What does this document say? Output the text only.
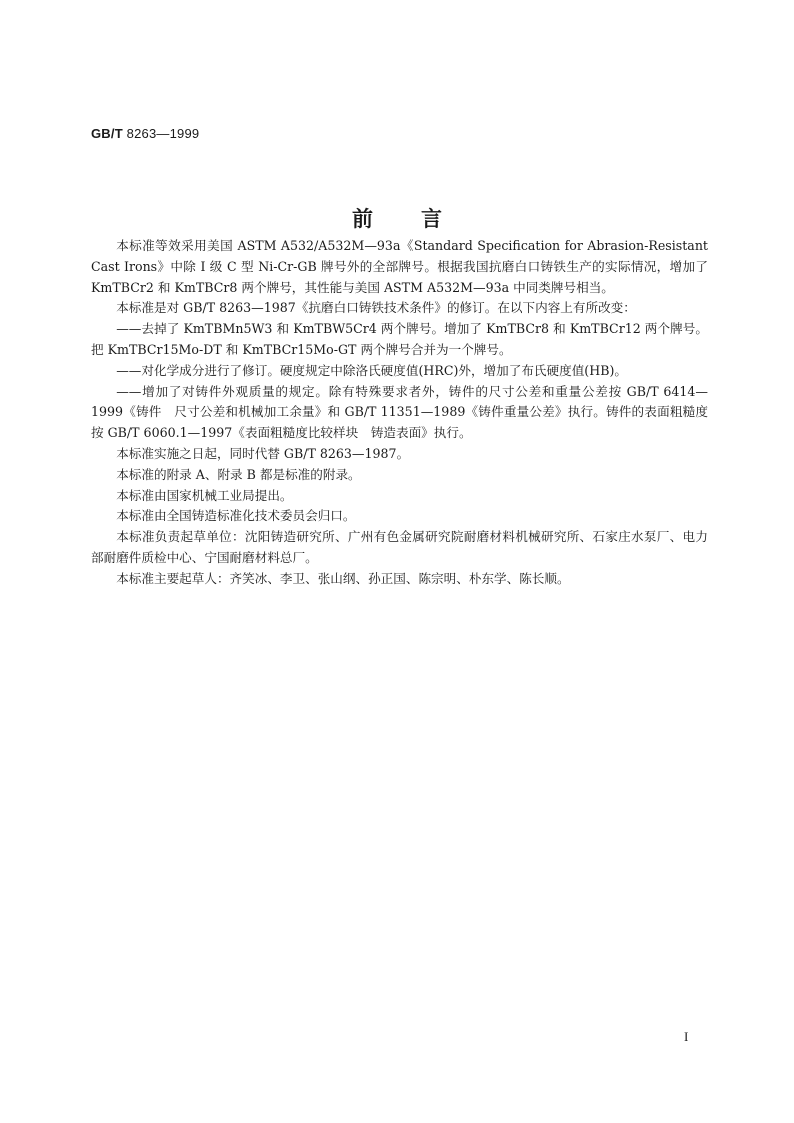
GB/T 8263—1999
前言

本标准等效采用美国 ASTM A532/A532M—93a《Standard Specification for Abrasion-Resistant Cast Irons》中除 I 级 C 型 Ni-Cr-GB 牌号外的全部牌号。根据我国抗磨白口铸铁生产的实际情况，增加了 KmTBCr2 和 KmTBCr8 两个牌号，其性能与美国 ASTM A532M—93a 中同类牌号相当。

本标准是对 GB/T 8263—1987《抗磨白口铸铁技术条件》的修订。在以下内容上有所改变：

——去掉了 KmTBMn5W3 和 KmTBW5Cr4 两个牌号。增加了 KmTBCr8 和 KmTBCr12 两个牌号。把 KmTBCr15Mo-DT 和 KmTBCr15Mo-GT 两个牌号合并为一个牌号。

——对化学成分进行了修订。硬度规定中除洛氏硬度值(HRC)外，增加了布氏硬度值(HB)。

——增加了对铸件外观质量的规定。除有特殊要求者外，铸件的尺寸公差和重量公差按 GB/T 6414—1999《铸件　尺寸公差和机械加工余量》和 GB/T 11351—1989《铸件重量公差》执行。铸件的表面粗糙度按 GB/T 6060.1—1997《表面粗糙度比较样块　铸造表面》执行。

本标准实施之日起，同时代替 GB/T 8263—1987。

本标准的附录 A、附录 B 都是标准的附录。

本标准由国家机械工业局提出。

本标准由全国铸造标准化技术委员会归口。

本标准负责起草单位：沈阳铸造研究所、广州有色金属研究院耐磨材料机械研究所、石家庄水泵厂、电力部耐磨件质检中心、宁国耐磨材料总厂。

本标准主要起草人：齐笑冰、李卫、张山纲、孙正国、陈宗明、朴东学、陈长顺。

I
